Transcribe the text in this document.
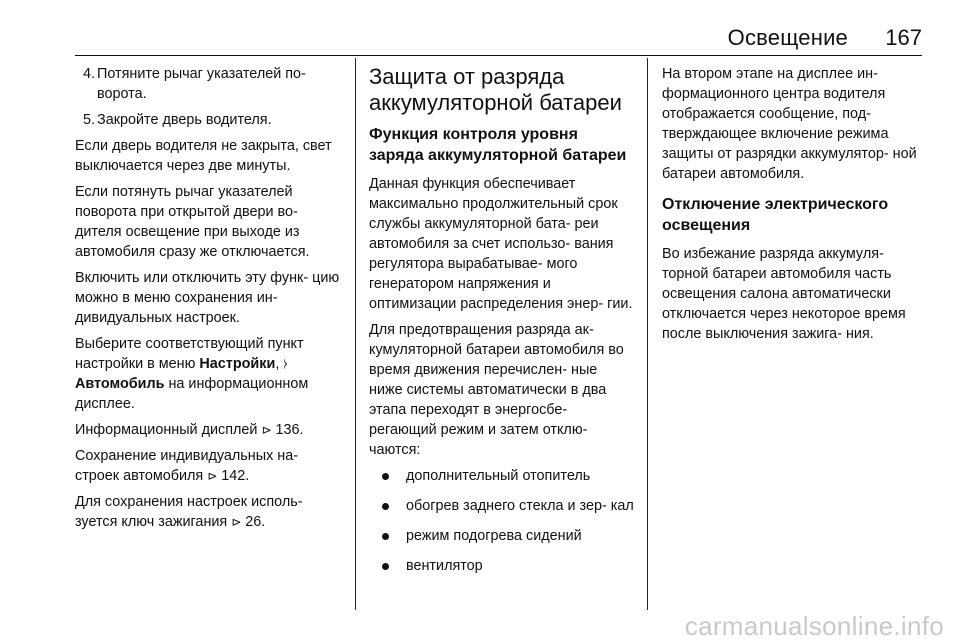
Освещение 167
4. Потяните рычаг указателей по- ворота.
5. Закройте дверь водителя.

Если дверь водителя не закрыта, свет выключается через две минуты.

Если потянуть рычаг указателей поворота при открытой двери во- дителя освещение при выходе из автомобиля сразу же отключается.

Включить или отключить эту функ- цию можно в меню сохранения ин- дивидуальных настроек.

Выберите соответствующий пункт настройки в меню Настройки, ⧽ Автомобиль на информационном дисплее.

Информационный дисплей ⊳ 136.

Сохранение индивидуальных на- строек автомобиля ⊳ 142.

Для сохранения настроек исполь- зуется ключ зажигания ⊳ 26.

Защита от разряда аккумуляторной батареи
Функция контроля уровня заряда аккумуляторной батареи

Данная функция обеспечивает максимально продолжительный срок службы аккумуляторной бата- реи автомобиля за счет использо- вания регулятора вырабатывае- мого генератором напряжения и оптимизации распределения энер- гии.

Для предотвращения разряда ак- кумуляторной батареи автомобиля во время движения перечислен- ные ниже системы автоматически в два этапа переходят в энергосбе- регающий режим и затем отклю- чаются:

дополнительный отопитель
обогрев заднего стекла и зер- кал
режим подогрева сидений
вентилятор

На втором этапе на дисплее ин- формационного центра водителя отображается сообщение, под- тверждающее включение режима защиты от разрядки аккумулятор- ной батареи автомобиля.

Отключение электрического освещения

Во избежание разряда аккумуля- торной батареи автомобиля часть освещения салона автоматически отключается через некоторое время после выключения зажига- ния.

carmanualsonline.info
